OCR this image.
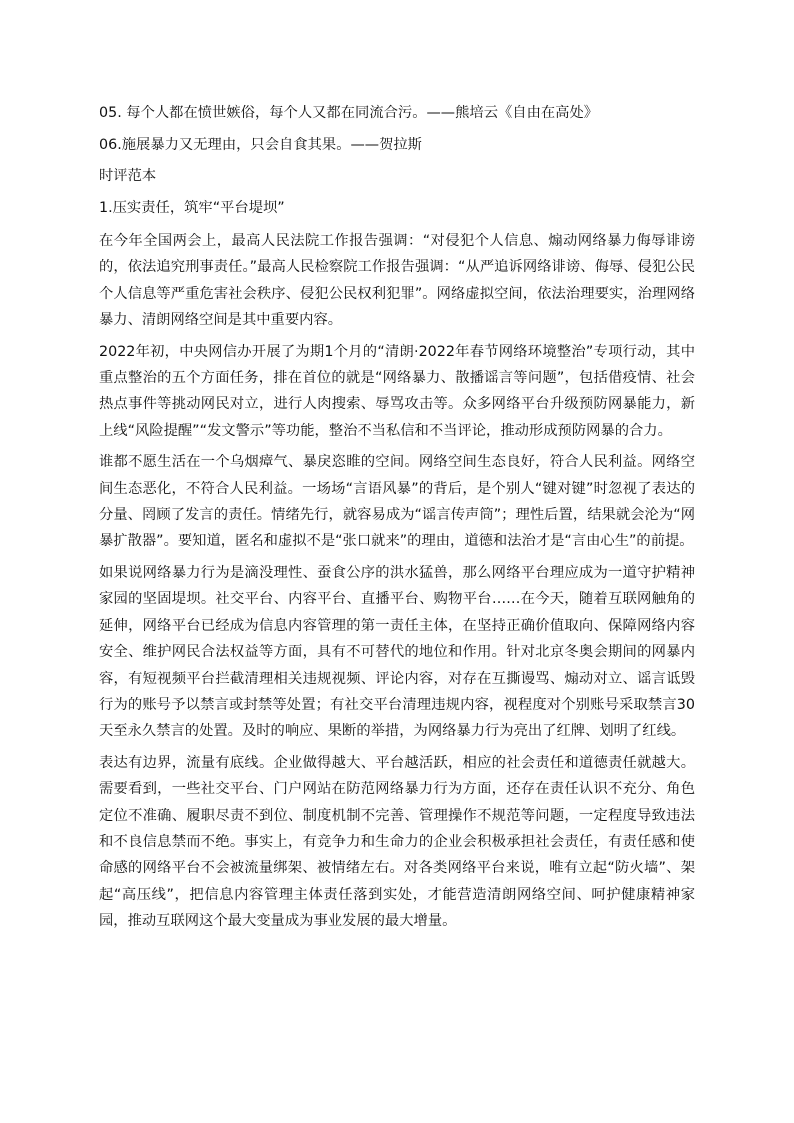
05. 每个人都在愤世嫉俗，每个人又都在同流合污。——熊培云《自由在高处》
06.施展暴力又无理由，只会自食其果。——贺拉斯
时评范本
1.压实责任，筑牢“平台堤坝”

在今年全国两会上，最高人民法院工作报告强调：“对侵犯个人信息、煽动网络暴力侮辱诽谤的，依法追究刑事责任。”最高人民检察院工作报告强调：“从严追诉网络诽谤、侮辱、侵犯公民个人信息等严重危害社会秩序、侵犯公民权利犯罪”。网络虚拟空间，依法治理要实，治理网络暴力、清朗网络空间是其中重要内容。

2022年初，中央网信办开展了为期1个月的“清朗·2022年春节网络环境整治”专项行动，其中重点整治的五个方面任务，排在首位的就是“网络暴力、散播谣言等问题”，包括借疫情、社会热点事件等挑动网民对立，进行人肉搜索、辱骂攻击等。众多网络平台升级预防网暴能力，新上线“风险提醒”“发文警示”等功能，整治不当私信和不当评论，推动形成预防网暴的合力。

谁都不愿生活在一个乌烟瘴气、暴戾恣睢的空间。网络空间生态良好，符合人民利益。网络空间生态恶化，不符合人民利益。一场场“言语风暴”的背后，是个别人“键对键”时忽视了表达的分量、罔顾了发言的责任。情绪先行，就容易成为“谣言传声筒”；理性后置，结果就会沦为“网暴扩散器”。要知道，匿名和虚拟不是“张口就来”的理由，道德和法治才是“言由心生”的前提。

如果说网络暴力行为是滴没理性、蚕食公序的洪水猛兽，那么网络平台理应成为一道守护精神家园的坚固堤坝。社交平台、内容平台、直播平台、购物平台……在今天，随着互联网触角的延伸，网络平台已经成为信息内容管理的第一责任主体，在坚持正确价值取向、保障网络内容安全、维护网民合法权益等方面，具有不可替代的地位和作用。针对北京冬奥会期间的网暴内容，有短视频平台拦截清理相关违规视频、评论内容，对存在互撕谩骂、煽动对立、谣言诋毁行为的账号予以禁言或封禁等处置；有社交平台清理违规内容，视程度对个别账号采取禁言30天至永久禁言的处置。及时的响应、果断的举措，为网络暴力行为亮出了红牌、划明了红线。

表达有边界，流量有底线。企业做得越大、平台越活跃，相应的社会责任和道德责任就越大。需要看到，一些社交平台、门户网站在防范网络暴力行为方面，还存在责任认识不充分、角色定位不准确、履职尽责不到位、制度机制不完善、管理操作不规范等问题，一定程度导致违法和不良信息禁而不绝。事实上，有竞争力和生命力的企业会积极承担社会责任，有责任感和使命感的网络平台不会被流量绑架、被情绪左右。对各类网络平台来说，唯有立起“防火墙”、架起“高压线”，把信息内容管理主体责任落到实处，才能营造清朗网络空间、呵护健康精神家园，推动互联网这个最大变量成为事业发展的最大增量。
